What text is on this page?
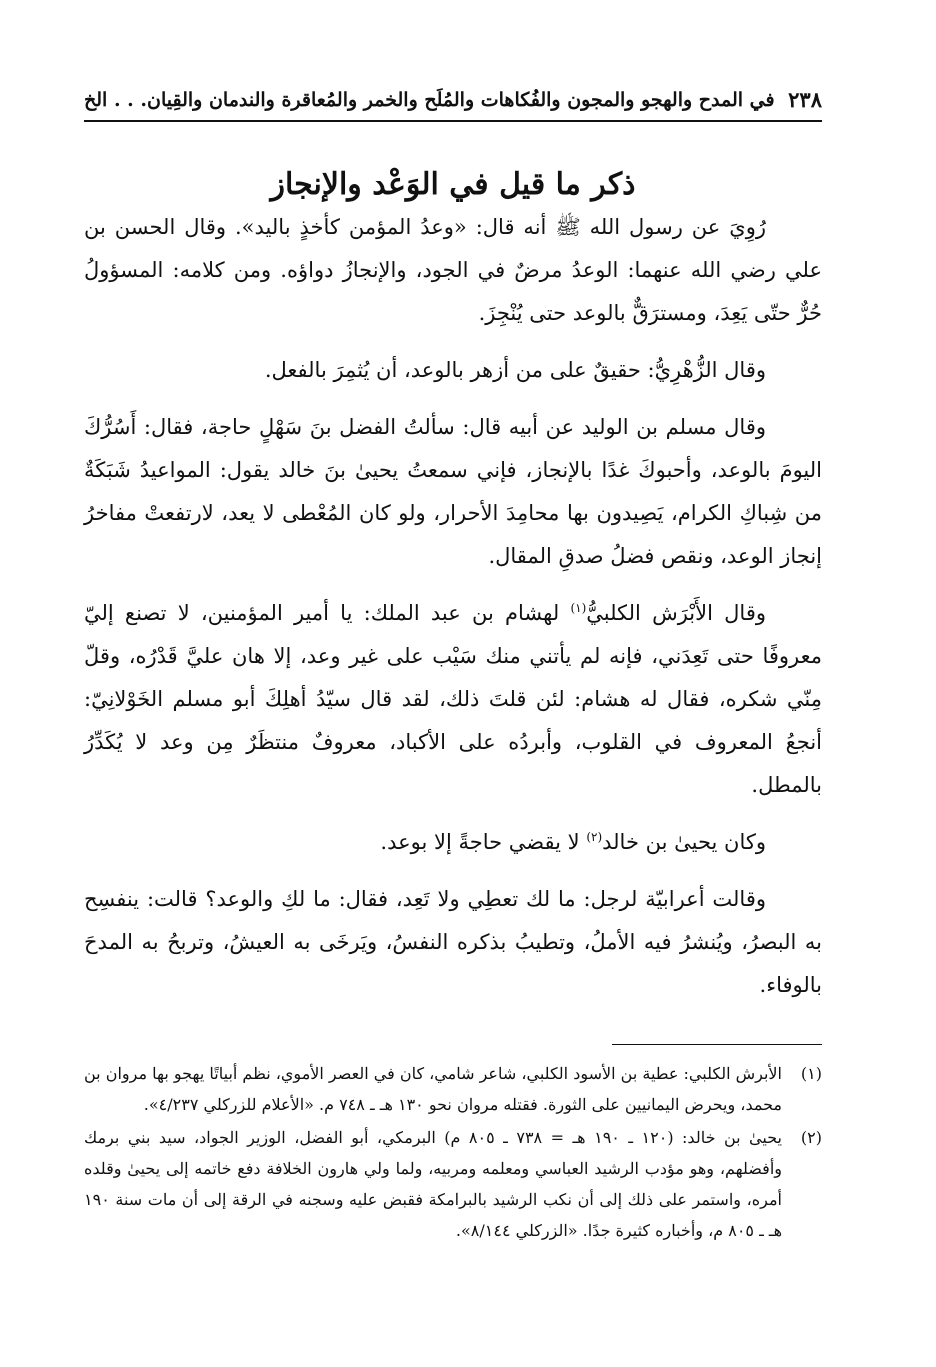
٢٣٨
في المدح والهجو والمجون والفُكاهات والمُلَح والخمر والمُعاقرة والندمان والقِيان. . . الخ
ذكر ما قيل في الوَعْد والإنجاز

رُوِيَ عن رسول الله ﷺ أنه قال: «وعدُ المؤمن كأخذٍ باليد». وقال الحسن بن علي رضي الله عنهما: الوعدُ مرضٌ في الجود، والإنجازُ دواؤه. ومن كلامه: المسؤولُ حُرٌّ حتّى يَعِدَ، ومسترَقٌّ بالوعد حتى يُنْجِزَ.

وقال الزُّهْرِيُّ: حقيقٌ على من أزهر بالوعد، أن يُثمِرَ بالفعل.

وقال مسلم بن الوليد عن أبيه قال: سألتُ الفضل بنَ سَهْلٍ حاجة، فقال: أَسُرُّكَ اليومَ بالوعد، وأحبوكَ غدًا بالإنجاز، فإني سمعتُ يحيىٰ بنَ خالد يقول: المواعيدُ شَبَكَةٌ من شِباكِ الكرام، يَصِيدون بها محامِدَ الأحرار، ولو كان المُعْطى لا يعد، لارتفعتْ مفاخرُ إنجاز الوعد، ونقص فضلُ صدقِ المقال.

وقال الأَبْرَش الكلبيُّ$^{(١)}$ لهشام بن عبد الملك: يا أمير المؤمنين، لا تصنع إليّ معروفًا حتى تَعِدَني، فإنه لم يأتني منك سَيْب على غير وعد، إلا هان عليَّ قَدْرُه، وقلّ مِنّي شكره، فقال له هشام: لئن قلتَ ذلك، لقد قال سيّدُ أهلِكَ أبو مسلم الخَوْلانِيّ: أنجعُ المعروف في القلوب، وأبردُه على الأكباد، معروفٌ منتظَرٌ مِن وعد لا يُكَدِّرُ بالمطل.

وكان يحيىٰ بن خالد$^{(٢)}$ لا يقضي حاجةً إلا بوعد.

وقالت أعرابيّة لرجل: ما لك تعطِي ولا تَعِد، فقال: ما لكِ والوعد؟ قالت: ينفسِح به البصرُ، ويُنشرُ فيه الأملُ، وتطيبُ بذكره النفسُ، ويَرخَى به العيشُ، وتربحُ به المدحَ بالوفاء.

(١)
الأبرش الكلبي: عطية بن الأسود الكلبي، شاعر شامي، كان في العصر الأموي، نظم أبياتًا يهجو بها مروان بن محمد، ويحرض اليمانيين على الثورة. فقتله مروان نحو ١٣٠ هـ ـ ٧٤٨ م. «الأعلام للزركلي ٤/٢٣٧».
(٢)
يحيىٰ بن خالد: (١٢٠ ـ ١٩٠ هـ = ٧٣٨ ـ ٨٠٥ م) البرمكي، أبو الفضل، الوزير الجواد، سيد بني برمك وأفضلهم، وهو مؤدب الرشيد العباسي ومعلمه ومربيه، ولما ولي هارون الخلافة دفع خاتمه إلى يحيىٰ وقلده أمره، واستمر على ذلك إلى أن نكب الرشيد بالبرامكة فقبض عليه وسجنه في الرقة إلى أن مات سنة ١٩٠ هـ ـ ٨٠٥ م، وأخباره كثيرة جدًا. «الزركلي ٨/١٤٤».
